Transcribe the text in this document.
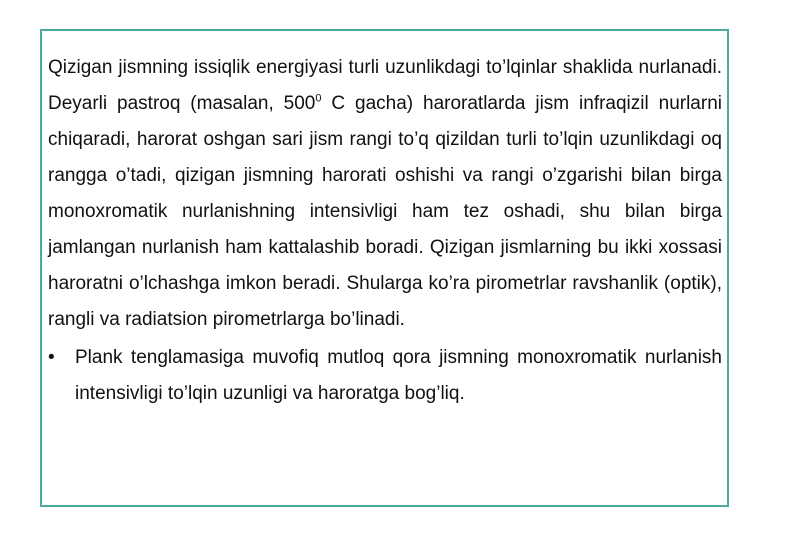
Qizigan jismning issiqlik energiyasi turli uzunlikdagi to’lqinlar shaklida nurlanadi. Deyarli pastroq (masalan, $500^0$ C gacha) haroratlarda jism infraqizil nurlarni chiqaradi, harorat oshgan sari jism rangi to’q qizildan turli to’lqin uzunlikdagi oq rangga o’tadi, qizigan jismning harorati oshishi va rangi o’zgarishi bilan birga monoxromatik nurlanishning intensivligi ham tez oshadi, shu bilan birga jamlangan nurlanish ham kattalashib boradi. Qizigan jismlarning bu ikki xossasi haroratni o’lchashga imkon beradi. Shularga ko’ra pirometrlar ravshanlik (optik), rangli va radiatsion pirometrlarga bo’linadi.

• Plank tenglamasiga muvofiq mutloq qora jismning monoxromatik nurlanish intensivligi to’lqin uzunligi va haroratga bog’liq.
